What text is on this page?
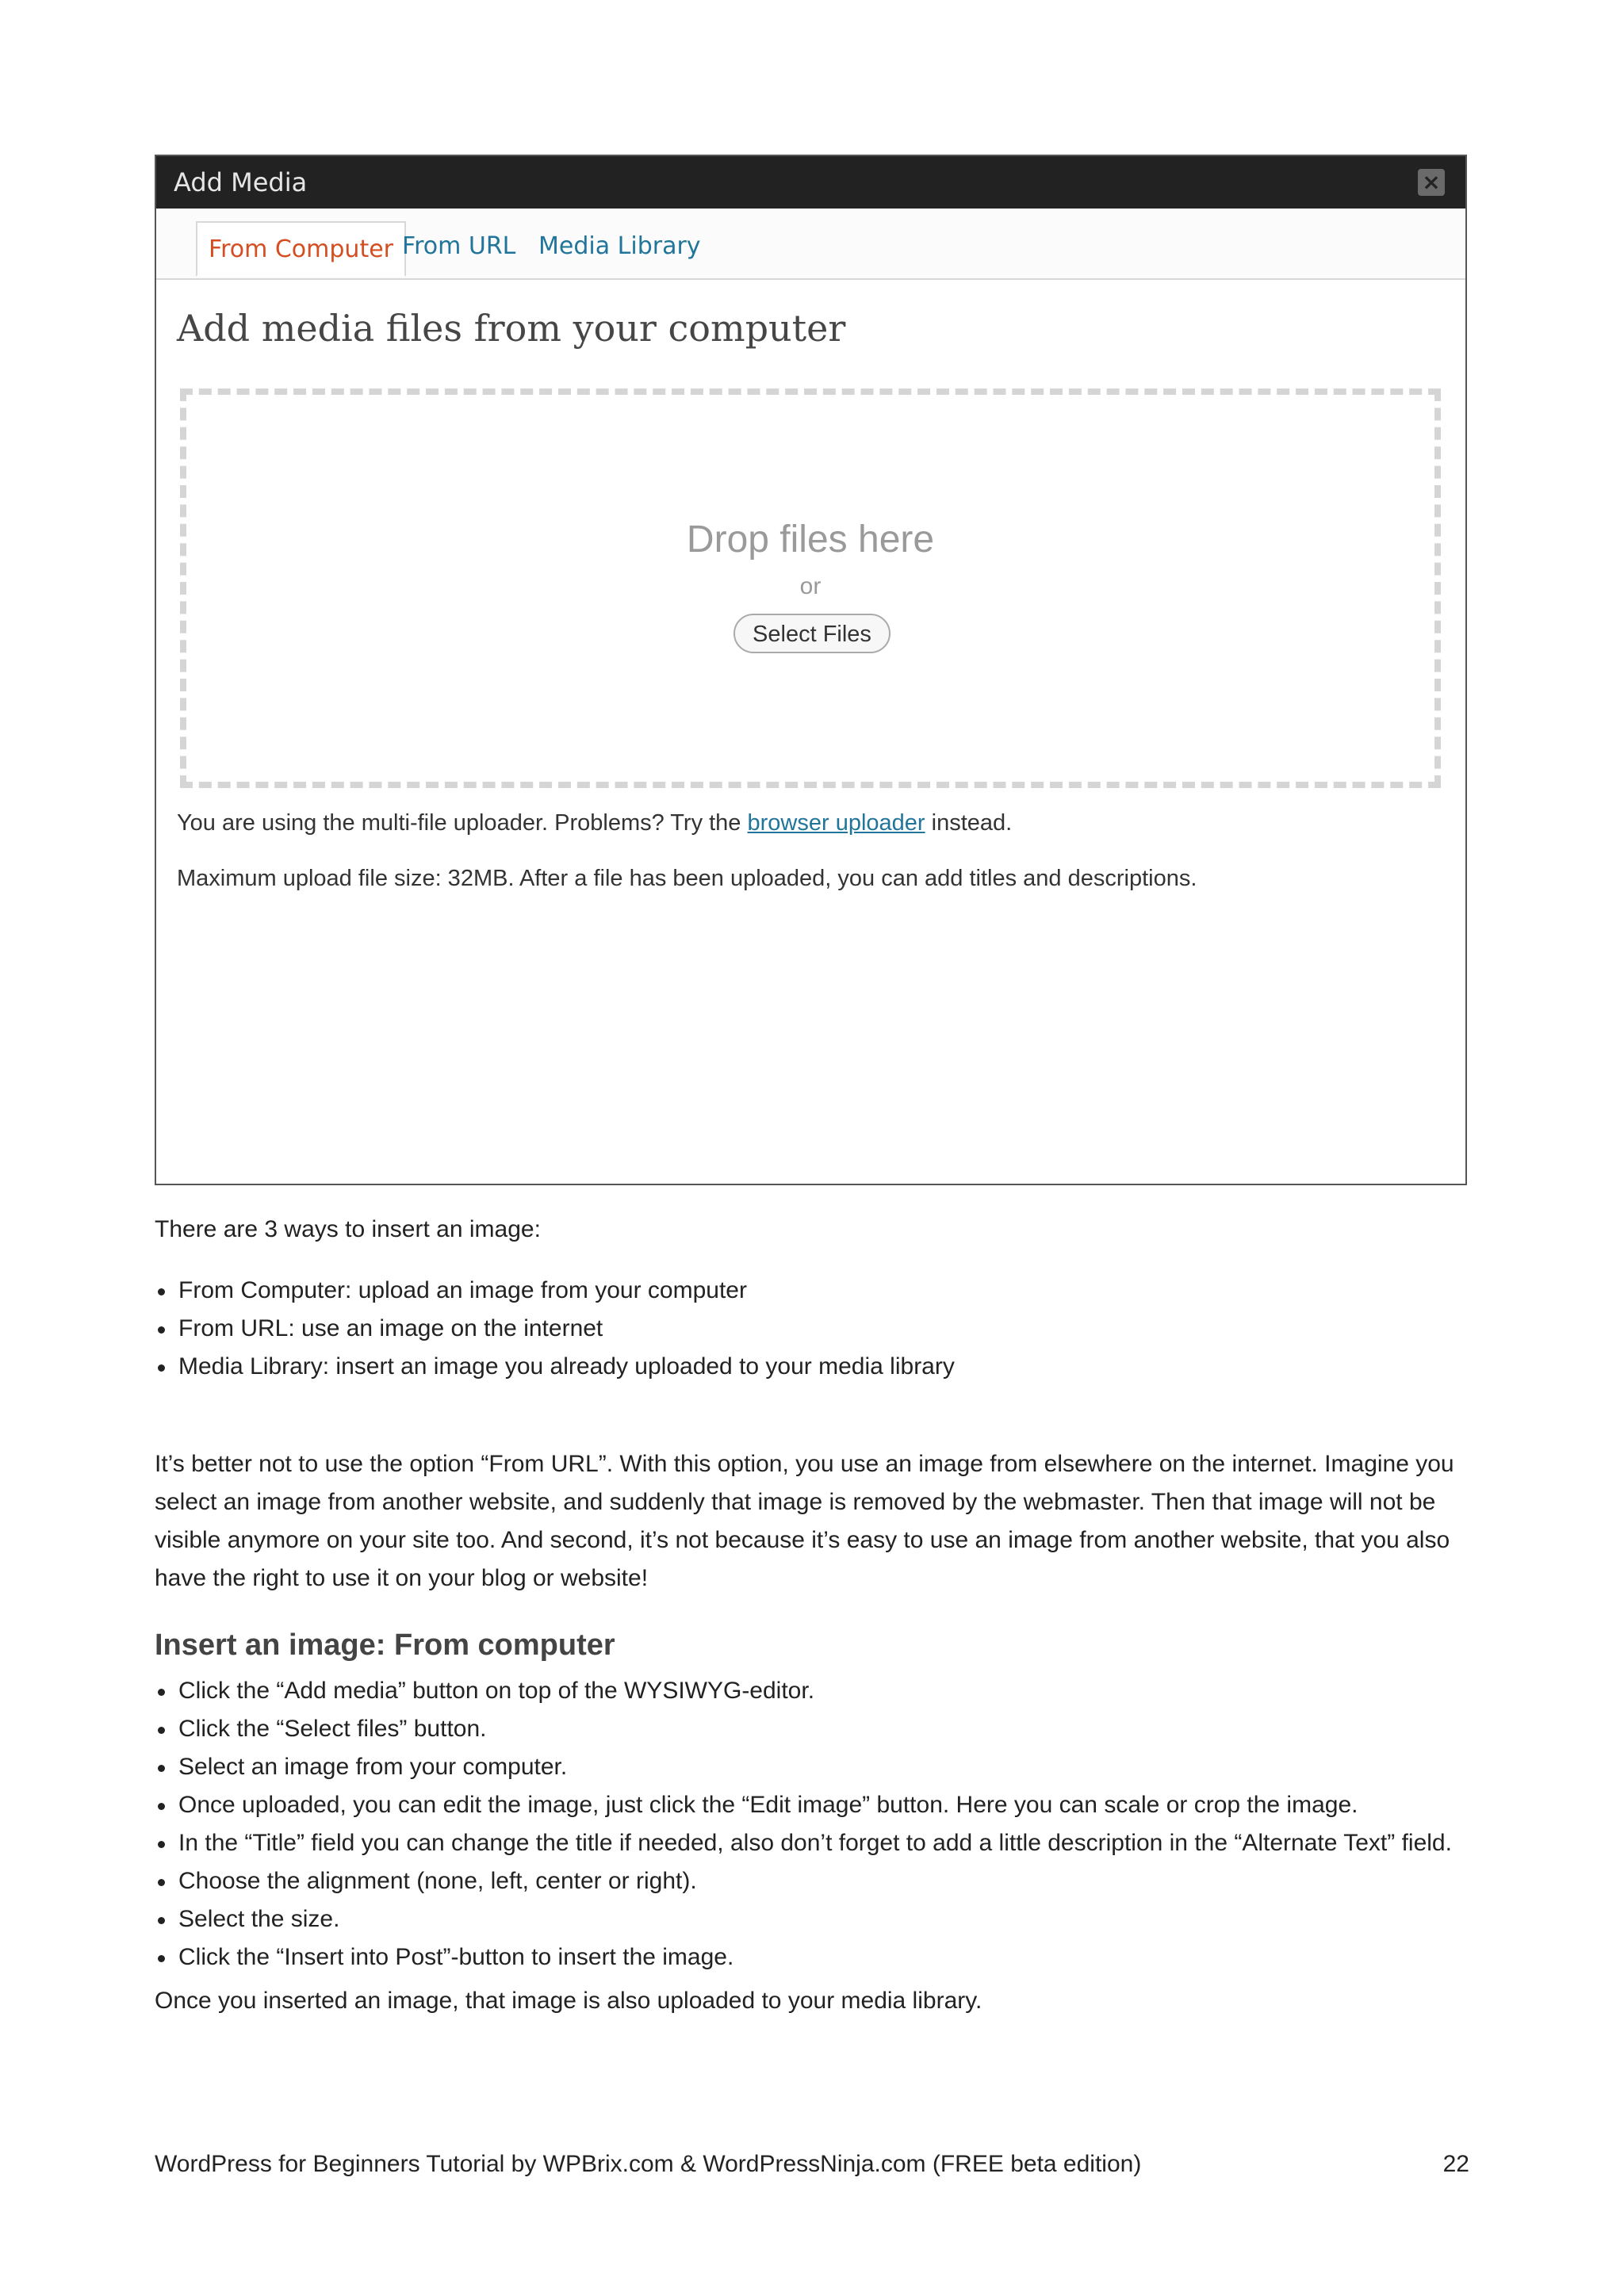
Add Media	×
From Computer From URL Media Library
Add media files from your computer
Drop files here
or
Select Files
You are using the multi-file uploader. Problems? Try the browser uploader instead.
Maximum upload file size: 32MB. After a file has been uploaded, you can add titles and descriptions.

There are 3 ways to insert an image:

From Computer: upload an image from your computer
From URL: use an image on the internet
Media Library: insert an image you already uploaded to your media library
It’s better not to use the option “From URL”. With this option, you use an image from elsewhere on the internet. Imagine you
select an image from another website, and suddenly that image is removed by the webmaster. Then that image will not be
visible anymore on your site too. And second, it’s not because it’s easy to use an image from another website, that you also
have the right to use it on your blog or website!
Insert an image: From computer
Click the “Add media” button on top of the WYSIWYG-editor.
Click the “Select files” button.
Select an image from your computer.
Once uploaded, you can edit the image, just click the “Edit image” button. Here you can scale or crop the image.
In the “Title” field you can change the title if needed, also don’t forget to add a little description in the “Alternate Text” field.
Choose the alignment (none, left, center or right).
Select the size.
Click the “Insert into Post”-button to insert the image.

Once you inserted an image, that image is also uploaded to your media library.

WordPress for Beginners Tutorial by WPBrix.com & WordPressNinja.com (FREE beta edition)	22
